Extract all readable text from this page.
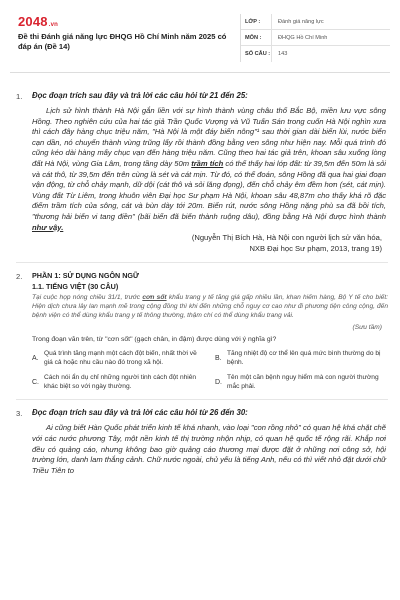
2048 .vn
Đề thi Đánh giá năng lực ĐHQG Hồ Chí Minh năm 2025 có đáp án (Đề 14)
LỚP :	Đánh giá năng lực
MÔN :	ĐHQG Hồ Chí Minh
SỐ CÂU :	143
1.	Đọc đoạn trích sau đây và trả lời các câu hỏi từ 21 đến 25:

Lịch sử hình thành Hà Nội gắn liền với sự hình thành vùng châu thổ Bắc Bộ, miền lưu vực sông Hồng. Theo nghiên cứu của hai tác giả Trần Quốc Vượng và Vũ Tuấn Sán trong cuốn Hà Nội nghìn xưa thì cách đây hàng chục triệu năm, "Hà Nội là một đáy biển nông"¹ sau thời gian dài biển lùi, nước biển cạn dần, nó chuyển thành vùng trũng lấy rồi thành đồng bằng ven sông như hiện nay. Mỗi quá trình đó cũng kéo dài hàng mấy chục vạn đến hàng triệu năm. Cũng theo hai tác giả trên, khoan sâu xuống lòng đất Hà Nội, vùng Gia Lâm, trong tầng dày 50m trầm tích có thể thấy hai lớp đất: từ 39,5m đến 50m là sỏi và cát thô, từ 39,5m đến trên cùng là sét và cát mịn. Từ đó, có thể đoán, sông Hồng đã qua hai giai đoạn vận động, từ chỗ chảy mạnh, dữ dội (cát thô và sỏi lăng đọng), đến chỗ chảy êm đềm hơn (sét, cát mịn). Vùng đất Từ Liêm, trong khuôn viên Đại học Sư phạm Hà Nội, khoan sâu 48,87m cho thấy khá rõ đặc điểm trầm tích của sông, cát và bùn dày tới 20m. Biển rút, nước sông Hồng nặng phù sa đã bồi tích, "thương hải biến vi tang điền" (bãi biển đã biến thành ruộng dâu), đồng bằng Hà Nội được hình thành như vậy.

(Nguyễn Thị Bích Hà, Hà Nội con người lịch sử văn hóa,
NXB Đại học Sư phạm, 2013, trang 19)
2.	PHẦN 1: SỬ DỤNG NGÔN NGỮ
1.1. TIẾNG VIỆT (30 CÂU)

Tại cuộc họp nóng chiều 31/1, trước cơn sốt khẩu trang y tế tăng giá gấp nhiều lần, khan hiếm hàng, Bộ Y tế cho biết: Hiện dịch chưa lây lan mạnh mẽ trong cộng đồng thì khi đến những chỗ nguy cơ cao như đi phương tiện công cộng, đến bệnh viện có thể dùng khẩu trang y tế thông thường, thậm chí có thể dùng khẩu trang vải.

(Sưu tầm)
Trong đoạn văn trên, từ "cơn sốt" (gạch chân, in đậm) được dùng với ý nghĩa gì?
A.
Quá trình tăng mạnh một cách đột biến, nhất thời về giá cả hoặc nhu cầu nào đó trong xã hội.
B.
Tăng nhiệt độ cơ thể lên quá mức bình thường do bị bệnh.
C.
Cách nói ẩn dụ chỉ những người tinh cách đột nhiên khác biệt so với ngày thường.
D.
Tên một căn bệnh nguy hiểm mà con người thường mắc phải.
3.	Đọc đoạn trích sau đây và trả lời các câu hỏi từ 26 đến 30:

Ai cũng biết Hàn Quốc phát triển kinh tế khá nhanh, vào loại "con rồng nhỏ" có quan hệ khá chặt chẽ với các nước phương Tây, một nền kinh tế thị trường nhộn nhịp, có quan hệ quốc tế rộng rãi. Khắp nơi đều có quảng cáo, nhưng không bao giờ quảng cáo thương mại được đặt ở những nơi công sở, hội trường lớn, danh lam thắng cảnh. Chữ nước ngoài, chủ yếu là tiếng Anh, nếu có thì viết nhỏ đặt dưới chữ Triều Tiên to
